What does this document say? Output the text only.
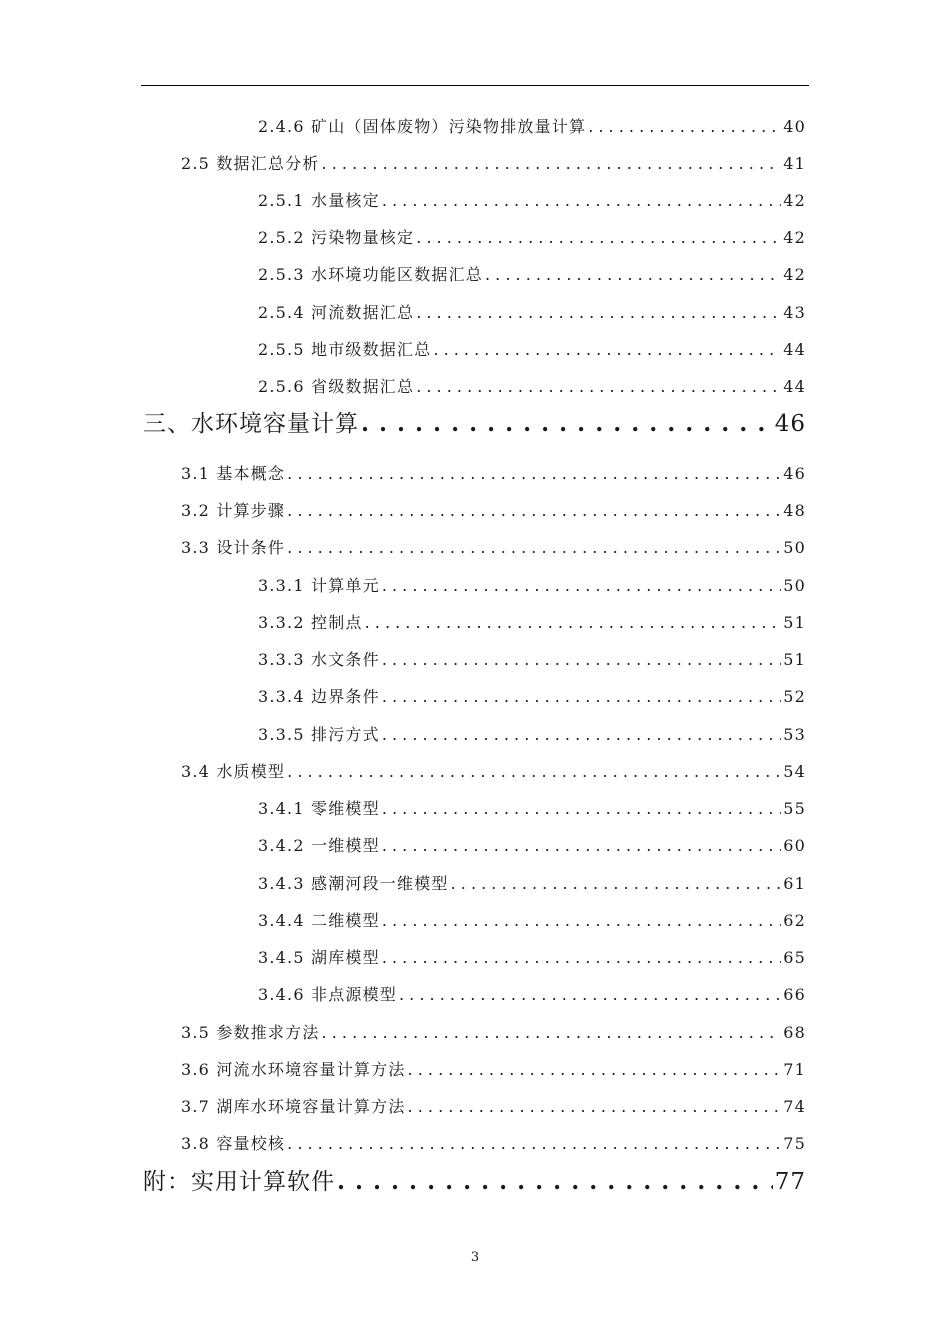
2.4.6 矿山（固体废物）污染物排放量计算 . . .	40
2.5 数据汇总分析 . . .	41
2.5.1 水量核定 . . .	42
2.5.2 污染物量核定 . . .	42
2.5.3 水环境功能区数据汇总 . . .	42
2.5.4 河流数据汇总 . . .	43
2.5.5 地市级数据汇总 . . .	44
2.5.6 省级数据汇总 . . .	44
三、水环境容量计算 . . .	46
3.1 基本概念 . . .	46
3.2 计算步骤 . . .	48
3.3 设计条件 . . .	50
3.3.1 计算单元 . . .	50
3.3.2 控制点 . . .	51
3.3.3 水文条件 . . .	51
3.3.4 边界条件 . . .	52
3.3.5 排污方式 . . .	53
3.4 水质模型 . . .	54
3.4.1 零维模型 . . .	55
3.4.2 一维模型 . . .	60
3.4.3 感潮河段一维模型 . . .	61
3.4.4 二维模型 . . .	62
3.4.5 湖库模型 . . .	65
3.4.6 非点源模型 . . .	66
3.5 参数推求方法 . . .	68
3.6 河流水环境容量计算方法 . . .	71
3.7 湖库水环境容量计算方法 . . .	74
3.8 容量校核 . . .	75
附：实用计算软件 . . .	77
3
